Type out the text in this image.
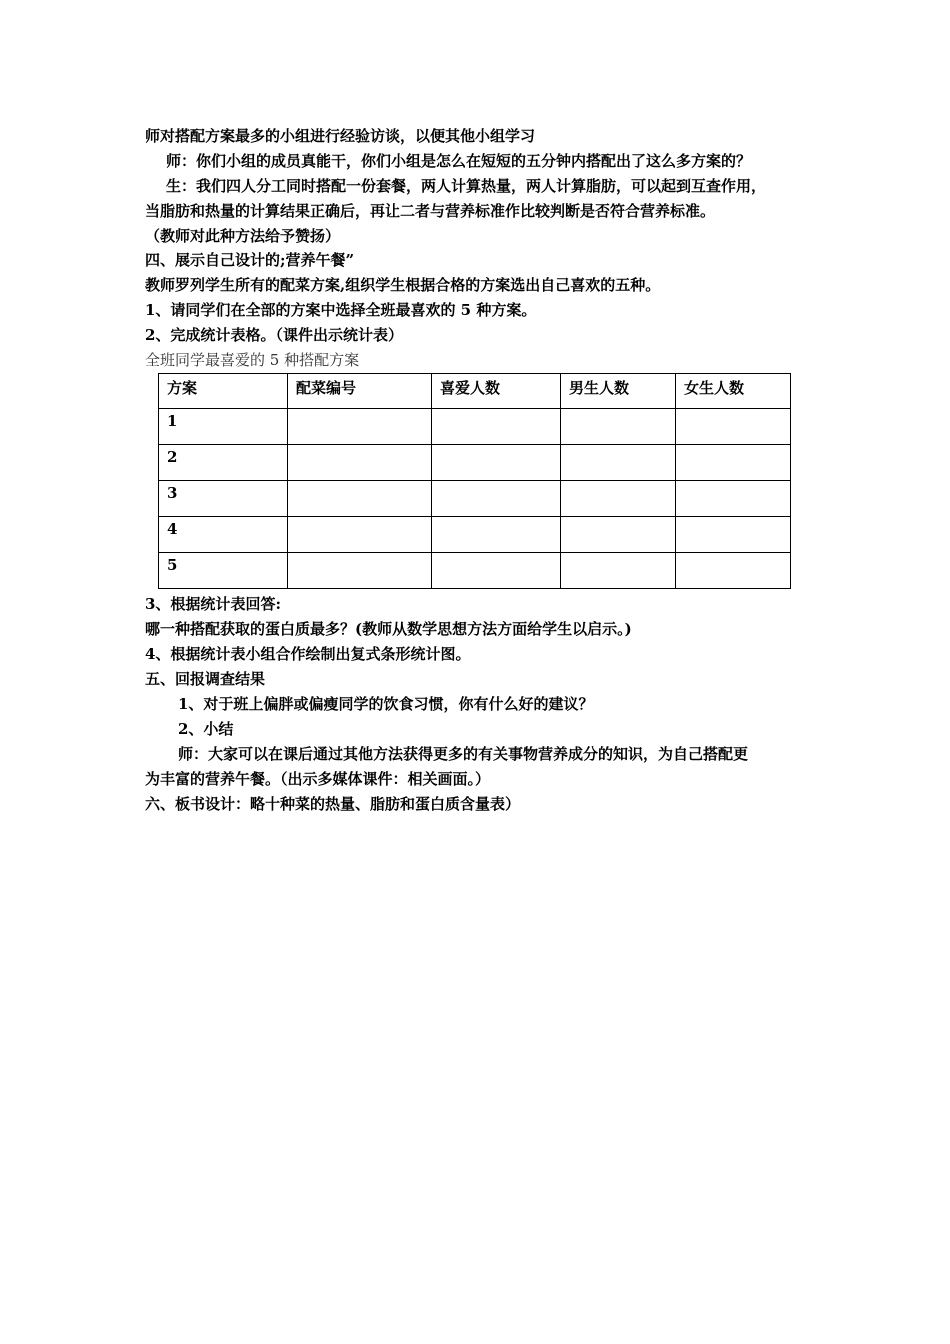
师对搭配方案最多的小组进行经验访谈，以便其他小组学习
师：你们小组的成员真能干，你们小组是怎么在短短的五分钟内搭配出了这么多方案的？
生：我们四人分工同时搭配一份套餐，两人计算热量，两人计算脂肪，可以起到互查作用，
当脂肪和热量的计算结果正确后，再让二者与营养标准作比较判断是否符合营养标准。
（教师对此种方法给予赞扬）
四、展示自己设计的;营养午餐”
教师罗列学生所有的配菜方案,组织学生根据合格的方案选出自己喜欢的五种。
1、请同学们在全部的方案中选择全班最喜欢的 5 种方案。
2、完成统计表格。（课件出示统计表）
全班同学最喜爱的 5 种搭配方案
方案	配菜编号	喜爱人数	男生人数	女生人数
1				
2				
3				
4				
5				
3、根据统计表回答:
哪一种搭配获取的蛋白质最多？(教师从数学思想方法方面给学生以启示。)
4、根据统计表小组合作绘制出复式条形统计图。
五、回报调查结果
1、对于班上偏胖或偏瘦同学的饮食习惯，你有什么好的建议？
2、小结
师：大家可以在课后通过其他方法获得更多的有关事物营养成分的知识，为自己搭配更
为丰富的营养午餐。（出示多媒体课件：相关画面。）
六、板书设计：略十种菜的热量、脂肪和蛋白质含量表）
